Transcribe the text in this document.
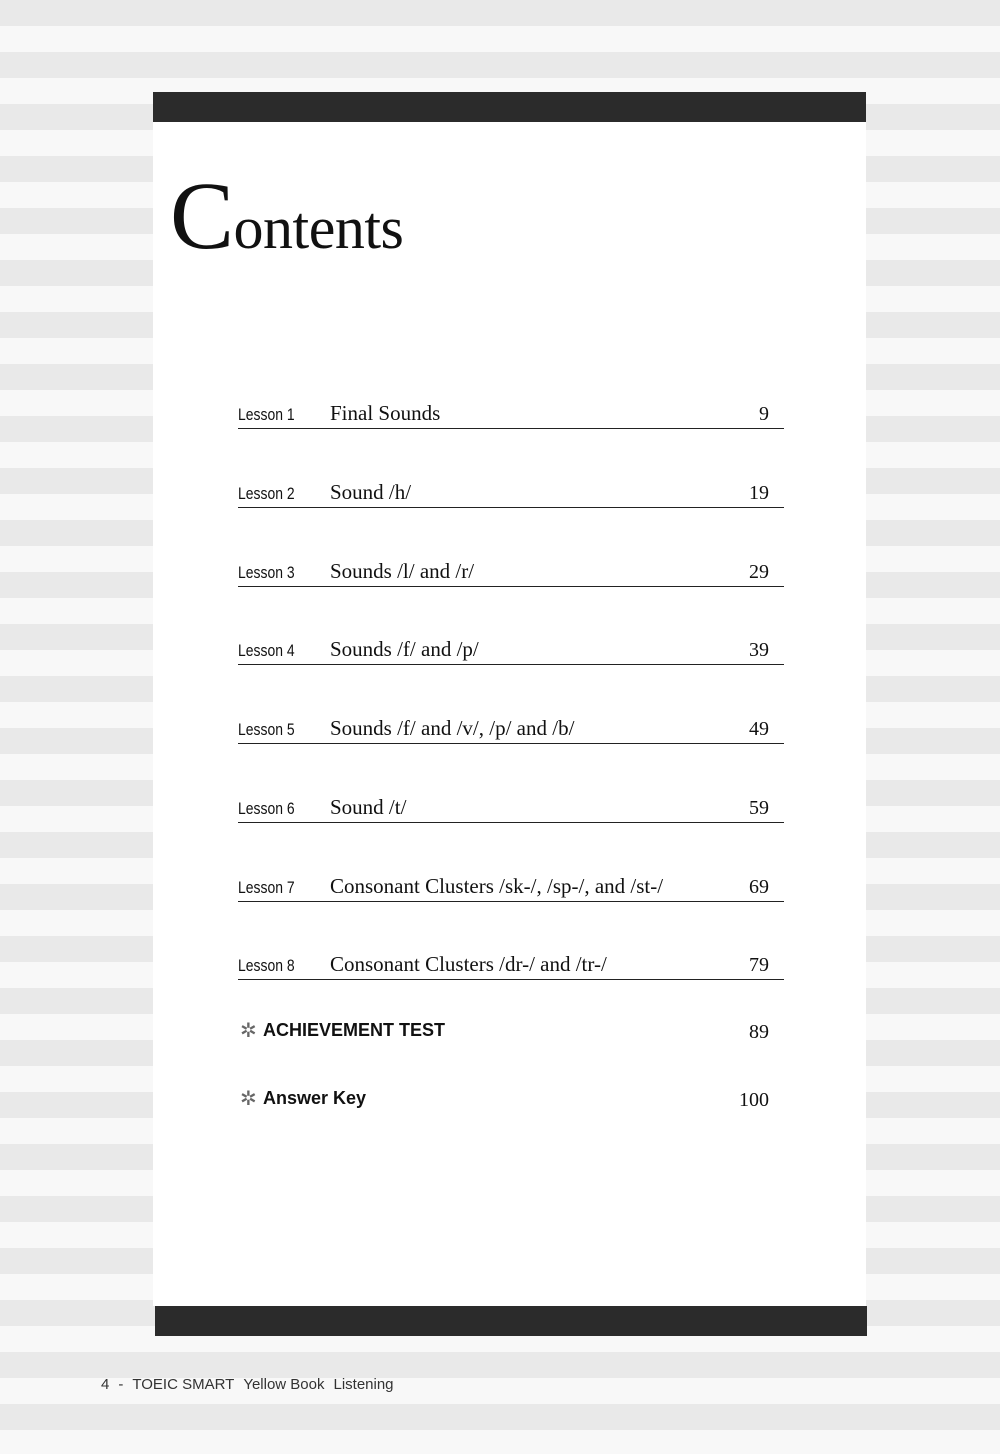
Contents
Lesson 1 Final Sounds	9
Lesson 2 Sound /h/	19
Lesson 3 Sounds /l/ and /r/	29
Lesson 4 Sounds /f/ and /p/	39
Lesson 5 Sounds /f/ and /v/, /p/ and /b/	49
Lesson 6 Sound /t/	59
Lesson 7 Consonant Clusters /sk-/, /sp-/, and /st-/	69
Lesson 8 Consonant Clusters /dr-/ and /tr-/	79
✲ ACHIEVEMENT TEST	89
✲ Answer Key	100
4 - TOEIC SMART Yellow Book Listening
